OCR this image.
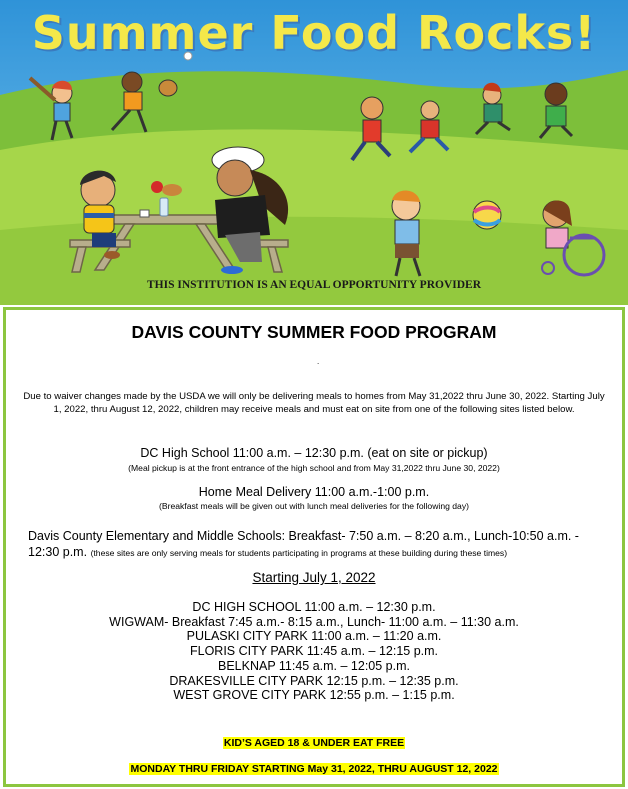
Summer Food Rocks!
THIS INSTITUTION IS AN EQUAL OPPORTUNITY PROVIDER
DAVIS COUNTY SUMMER FOOD PROGRAM
.
Due to waiver changes made by the USDA we will only be delivering meals to homes from May 31,2022 thru June 30, 2022. Starting July 1, 2022, thru August 12, 2022, children may receive meals and must eat on site from one of the following sites listed below.
DC High School 11:00 a.m. – 12:30 p.m. (eat on site or pickup)
(Meal pickup is at the front entrance of the high school and from May 31,2022 thru June 30, 2022)
Home Meal Delivery 11:00 a.m.-1:00 p.m.
(Breakfast meals will be given out with lunch meal deliveries for the following day)
Davis County Elementary and Middle Schools: Breakfast- 7:50 a.m. – 8:20 a.m., Lunch-10:50 a.m. - 12:30 p.m. (these sites are only serving meals for students participating in programs at these building during these times)
Starting July 1, 2022
DC HIGH SCHOOL 11:00 a.m. – 12:30 p.m.
WIGWAM- Breakfast 7:45 a.m.- 8:15 a.m., Lunch- 11:00 a.m. – 11:30 a.m.
PULASKI CITY PARK 11:00 a.m. – 11:20 a.m.
FLORIS CITY PARK 11:45 a.m. – 12:15 p.m.
BELKNAP 11:45 a.m. – 12:05 p.m.
DRAKESVILLE CITY PARK 12:15 p.m. – 12:35 p.m.
WEST GROVE CITY PARK 12:55 p.m. – 1:15 p.m.
KID’S AGED 18 & UNDER EAT FREE
MONDAY THRU FRIDAY STARTING May 31, 2022, THRU AUGUST 12, 2022
